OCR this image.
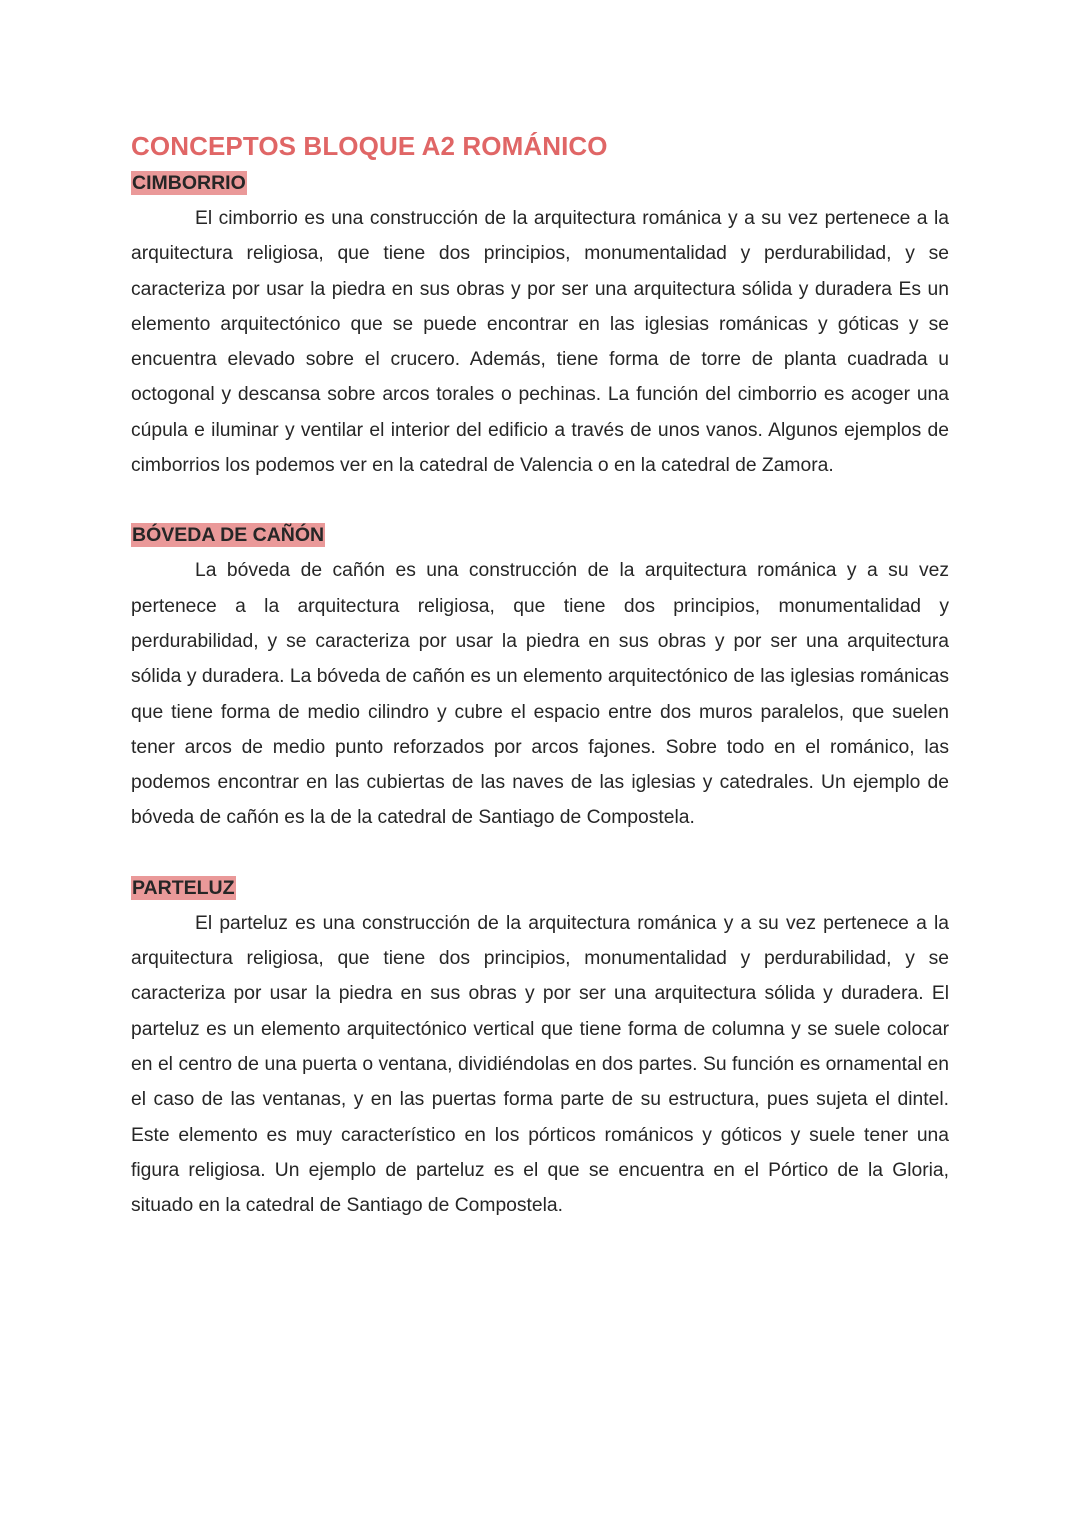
CONCEPTOS BLOQUE A2 ROMÁNICO
CIMBORRIO

El cimborrio es una construcción de la arquitectura románica y a su vez pertenece a la arquitectura religiosa, que tiene dos principios, monumentalidad y perdurabilidad, y se caracteriza por usar la piedra en sus obras y por ser una arquitectura sólida y duradera Es un elemento arquitectónico que se puede encontrar en las iglesias románicas y góticas y se encuentra elevado sobre el crucero. Además, tiene forma de torre de planta cuadrada u octogonal y descansa sobre arcos torales o pechinas. La función del cimborrio es acoger una cúpula e iluminar y ventilar el interior del edificio a través de unos vanos. Algunos ejemplos de cimborrios los podemos ver en la catedral de Valencia o en la catedral de Zamora.

BÓVEDA DE CAÑÓN

La bóveda de cañón es una construcción de la arquitectura románica y a su vez pertenece a la arquitectura religiosa, que tiene dos principios, monumentalidad y perdurabilidad, y se caracteriza por usar la piedra en sus obras y por ser una arquitectura sólida y duradera. La bóveda de cañón es un elemento arquitectónico de las iglesias románicas que tiene forma de medio cilindro y cubre el espacio entre dos muros paralelos, que suelen tener arcos de medio punto reforzados por arcos fajones. Sobre todo en el románico, las podemos encontrar en las cubiertas de las naves de las iglesias y catedrales. Un ejemplo de bóveda de cañón es la de la catedral de Santiago de Compostela.

PARTELUZ

El parteluz es una construcción de la arquitectura románica y a su vez pertenece a la arquitectura religiosa, que tiene dos principios, monumentalidad y perdurabilidad, y se caracteriza por usar la piedra en sus obras y por ser una arquitectura sólida y duradera. El parteluz es un elemento arquitectónico vertical que tiene forma de columna y se suele colocar en el centro de una puerta o ventana, dividiéndolas en dos partes. Su función es ornamental en el caso de las ventanas, y en las puertas forma parte de su estructura, pues sujeta el dintel. Este elemento es muy característico en los pórticos románicos y góticos y suele tener una figura religiosa. Un ejemplo de parteluz es el que se encuentra en el Pórtico de la Gloria, situado en la catedral de Santiago de Compostela.
